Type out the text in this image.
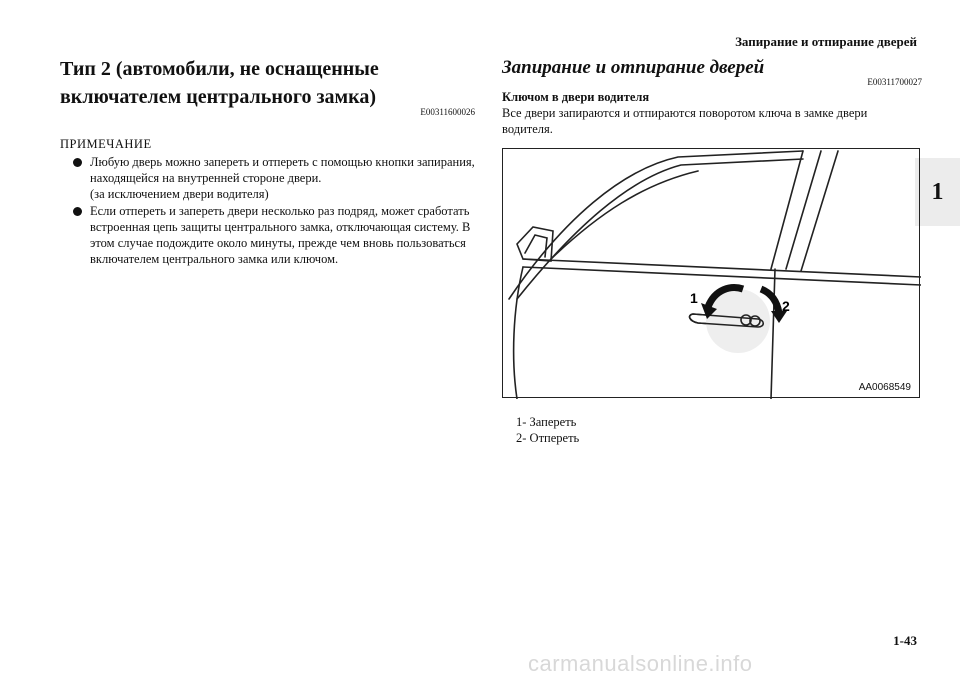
Запирание и отпирание дверей
1
Тип 2 (автомобили, не оснащенные включателем центрального замка)
E00311600026
ПРИМЕЧАНИЕ
Любую дверь можно запереть и отпереть с помощью кнопки запирания, находящейся на внутренней стороне двери.
(за исключением двери водителя)
Если отпереть и запереть двери несколько раз подряд, может сработать встроенная цепь защиты центрального замка, отключающая систему. В этом случае подождите около минуты, прежде чем вновь пользоваться включателем центрального замка или ключом.
Запирание и отпирание дверей
E00311700027
Ключом в двери водителя
Все двери запираются и отпираются поворотом ключа в замке двери водителя.
1	2
AA0068549
1- Запереть
2- Отпереть
1-43
carmanualsonline.info
